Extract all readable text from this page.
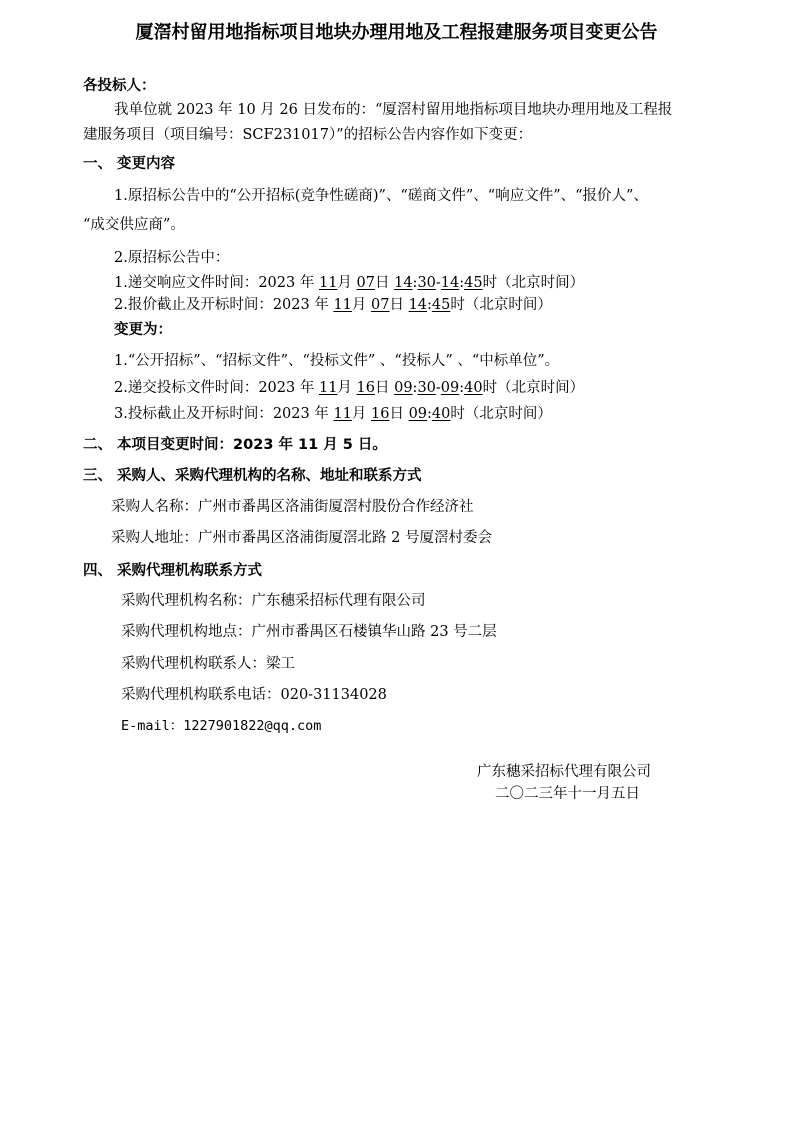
厦滘村留用地指标项目地块办理用地及工程报建服务项目变更公告
各投标人：
我单位就 2023 年 10 月 26 日发布的：“厦滘村留用地指标项目地块办理用地及工程报
建服务项目（项目编号：SCF231017）”的招标公告内容作如下变更：
一、 变更内容
1.原招标公告中的“公开招标(竞争性磋商)”、“磋商文件”、“响应文件”、“报价人”、
“成交供应商”。
2.原招标公告中：
1.递交响应文件时间：2023 年 11月 07日 14:30-14:45时（北京时间）
2.报价截止及开标时间：2023 年 11月 07日 14:45时（北京时间）
变更为：
1.“公开招标”、“招标文件”、“投标文件” 、“投标人” 、“中标单位”。
2.递交投标文件时间：2023 年 11月 16日 09:30-09:40时（北京时间）
3.投标截止及开标时间：2023 年 11月 16日 09:40时（北京时间）
二、 本项目变更时间：2023 年 11 月 5 日。
三、 采购人、采购代理机构的名称、地址和联系方式
采购人名称：广州市番禺区洛浦街厦滘村股份合作经济社
采购人地址：广州市番禺区洛浦街厦滘北路 2 号厦滘村委会
四、 采购代理机构联系方式
采购代理机构名称：广东穗采招标代理有限公司
采购代理机构地点：广州市番禺区石楼镇华山路 23 号二层
采购代理机构联系人：梁工
采购代理机构联系电话：020-31134028
E-mail：1227901822@qq.com
广东穗采招标代理有限公司
二〇二三年十一月五日
